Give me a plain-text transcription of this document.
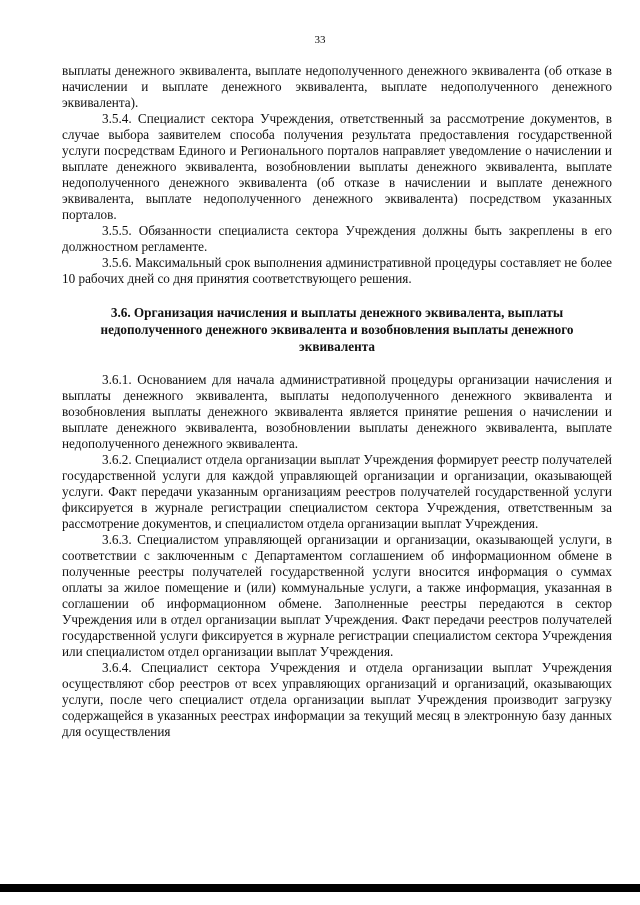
33

выплаты денежного эквивалента, выплате недополученного денежного эквивалента (об отказе в начислении и выплате денежного эквивалента, выплате недополученного денежного эквивалента).

3.5.4. Специалист сектора Учреждения, ответственный за рассмотрение документов, в случае выбора заявителем способа получения результата предоставления государственной услуги посредствам Единого и Регионального порталов направляет уведомление о начислении и выплате денежного эквивалента, возобновлении выплаты денежного эквивалента, выплате недополученного денежного эквивалента (об отказе в начислении и выплате денежного эквивалента, выплате недополученного денежного эквивалента) посредством указанных порталов.

3.5.5. Обязанности специалиста сектора Учреждения должны быть закреплены в его должностном регламенте.

3.5.6. Максимальный срок выполнения административной процедуры составляет не более 10 рабочих дней со дня принятия соответствующего решения.

3.6. Организация начисления и выплаты денежного эквивалента, выплаты недополученного денежного эквивалента и возобновления выплаты денежного эквивалента

3.6.1. Основанием для начала административной процедуры организации начисления и выплаты денежного эквивалента, выплаты недополученного денежного эквивалента и возобновления выплаты денежного эквивалента является принятие решения о начислении и выплате денежного эквивалента, возобновлении выплаты денежного эквивалента, выплате недополученного денежного эквивалента.

3.6.2. Специалист отдела организации выплат Учреждения формирует реестр получателей государственной услуги для каждой управляющей организации и организации, оказывающей услуги. Факт передачи указанным организациям реестров получателей государственной услуги фиксируется в журнале регистрации специалистом сектора Учреждения, ответственным за рассмотрение документов, и специалистом отдела организации выплат Учреждения.

3.6.3. Специалистом управляющей организации и организации, оказывающей услуги, в соответствии с заключенным с Департаментом соглашением об информационном обмене в полученные реестры получателей государственной услуги вносится информация о суммах оплаты за жилое помещение и (или) коммунальные услуги, а также информация, указанная в соглашении об информационном обмене. Заполненные реестры передаются в сектор Учреждения или в отдел организации выплат Учреждения. Факт передачи реестров получателей государственной услуги фиксируется в журнале регистрации специалистом сектора Учреждения или специалистом отдел организации выплат Учреждения.

3.6.4. Специалист сектора Учреждения и отдела организации выплат Учреждения осуществляют сбор реестров от всех управляющих организаций и организаций, оказывающих услуги, после чего специалист отдела организации выплат Учреждения производит загрузку содержащейся в указанных реестрах информации за текущий месяц в электронную базу данных для осуществления
